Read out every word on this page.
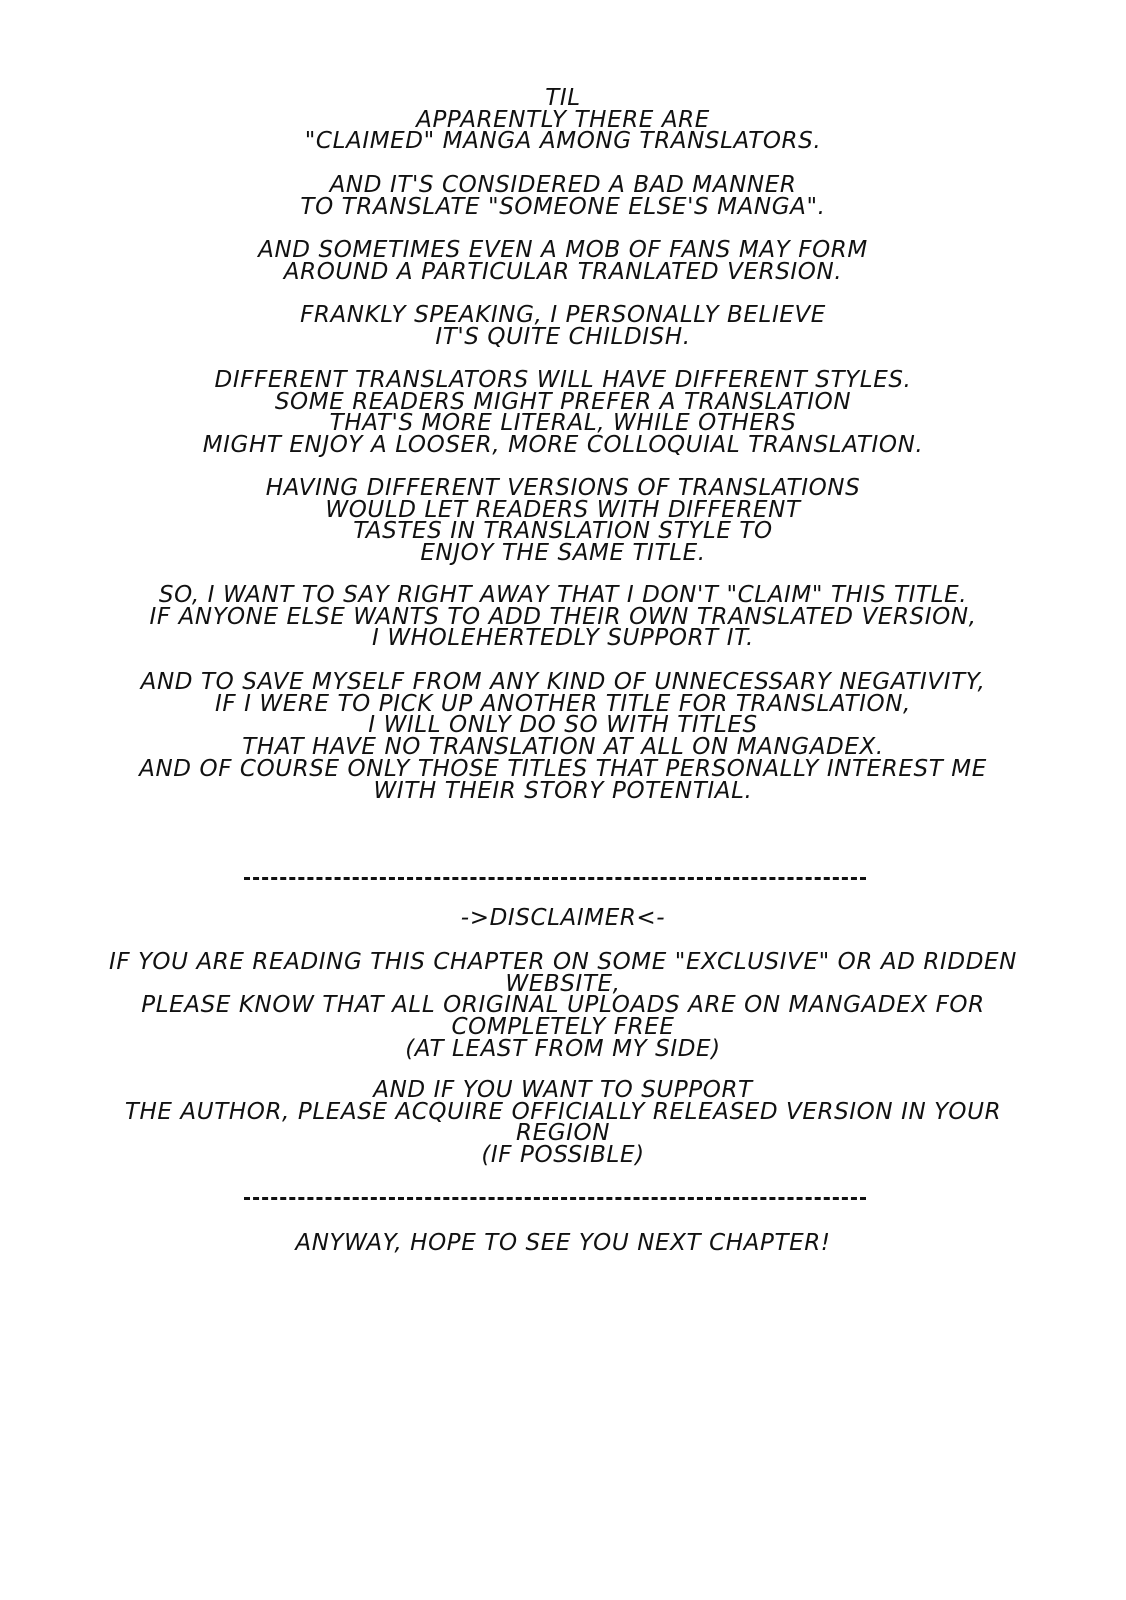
TIL
APPARENTLY THERE ARE
"CLAIMED" MANGA AMONG TRANSLATORS.
AND IT'S CONSIDERED A BAD MANNER
TO TRANSLATE "SOMEONE ELSE'S MANGA".
AND SOMETIMES EVEN A MOB OF FANS MAY FORM
AROUND A PARTICULAR TRANLATED VERSION.
FRANKLY SPEAKING, I PERSONALLY BELIEVE
IT'S QUITE CHILDISH.
DIFFERENT TRANSLATORS WILL HAVE DIFFERENT STYLES.
SOME READERS MIGHT PREFER A TRANSLATION
THAT'S MORE LITERAL, WHILE OTHERS
MIGHT ENJOY A LOOSER, MORE COLLOQUIAL TRANSLATION.
HAVING DIFFERENT VERSIONS OF TRANSLATIONS
WOULD LET READERS WITH DIFFERENT
TASTES IN TRANSLATION STYLE TO
ENJOY THE SAME TITLE.
SO, I WANT TO SAY RIGHT AWAY THAT I DON'T "CLAIM" THIS TITLE.
IF ANYONE ELSE WANTS TO ADD THEIR OWN TRANSLATED VERSION,
I WHOLEHERTEDLY SUPPORT IT.
AND TO SAVE MYSELF FROM ANY KIND OF UNNECESSARY NEGATIVITY,
IF I WERE TO PICK UP ANOTHER TITLE FOR TRANSLATION,
I WILL ONLY DO SO WITH TITLES
THAT HAVE NO TRANSLATION AT ALL ON MANGADEX.
AND OF COURSE ONLY THOSE TITLES THAT PERSONALLY INTEREST ME
WITH THEIR STORY POTENTIAL.
->DISCLAIMER<-
IF YOU ARE READING THIS CHAPTER ON SOME "EXCLUSIVE" OR AD RIDDEN
WEBSITE,
PLEASE KNOW THAT ALL ORIGINAL UPLOADS ARE ON MANGADEX FOR
COMPLETELY FREE
(AT LEAST FROM MY SIDE)
AND IF YOU WANT TO SUPPORT
THE AUTHOR, PLEASE ACQUIRE OFFICIALLY RELEASED VERSION IN YOUR
REGION
(IF POSSIBLE)
ANYWAY, HOPE TO SEE YOU NEXT CHAPTER!
